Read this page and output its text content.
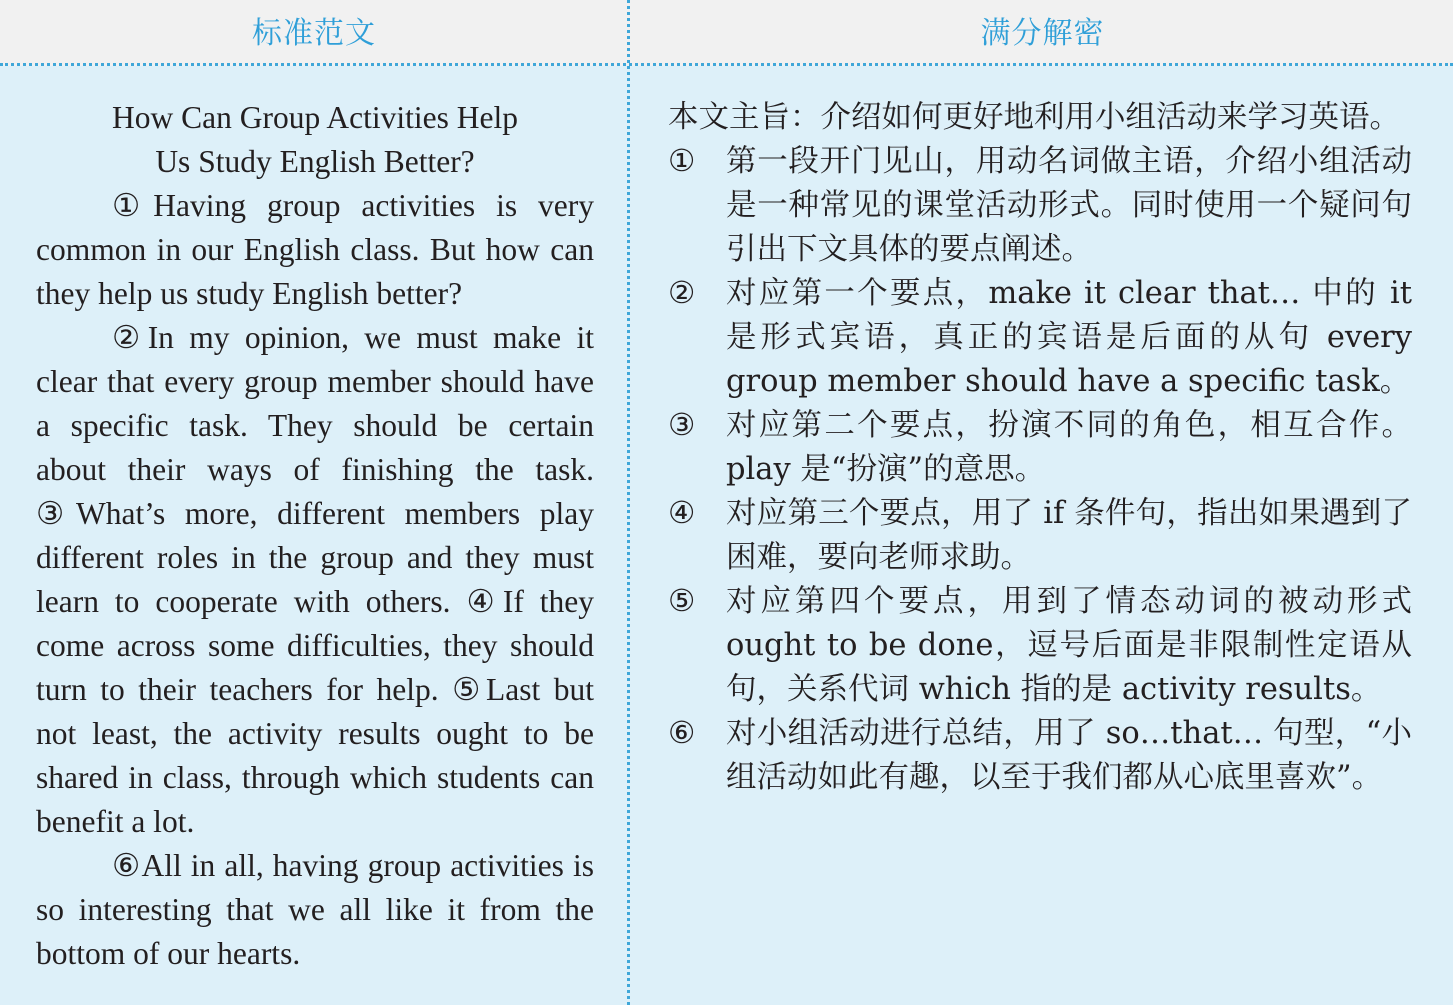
标准范文	满分解密
How Can Group Activities Help
Us Study English Better?

①Having group activities is very common in our English class. But how can they help us study English better?

②In my opinion, we must make it clear that every group member should have a specific task. They should be certain about their ways of finishing the task. ③What’s more, different members play different roles in the group and they must learn to cooperate with others. ④If they come across some difficulties, they should turn to their teachers for help. ⑤Last but not least, the activity results ought to be shared in class, through which students can benefit a lot.

⑥All in all, having group activities is so interesting that we all like it from the bottom of our hearts.

本文主旨：介绍如何更好地利用小组活动来学习英语。

①	第一段开门见山，用动名词做主语，介绍小组活动是一种常见的课堂活动形式。同时使用一个疑问句引出下文具体的要点阐述。
②	对应第一个要点，make it clear that… 中的 it 是形式宾语，真正的宾语是后面的从句 every group member should have a specific task。
③	对应第二个要点，扮演不同的角色，相互合作。play 是“扮演”的意思。
④	对应第三个要点，用了 if 条件句，指出如果遇到了困难，要向老师求助。
⑤	对应第四个要点，用到了情态动词的被动形式 ought to be done，逗号后面是非限制性定语从句，关系代词 which 指的是 activity results。
⑥	对小组活动进行总结，用了 so…that… 句型，“小组活动如此有趣，以至于我们都从心底里喜欢”。
